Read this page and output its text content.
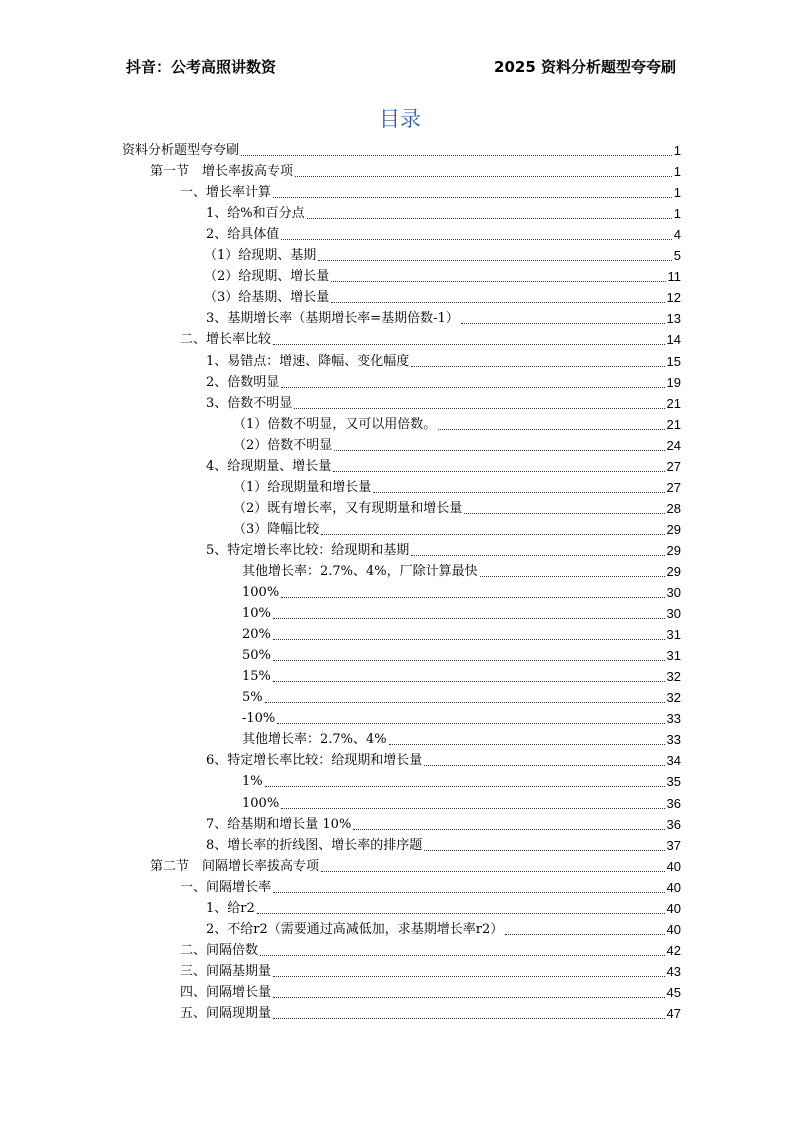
抖音：公考高照讲数资	2025 资料分析题型夸夸刷
目录
资料分析题型夸夸刷	1
第一节　增长率拔高专项	1
一、增长率计算	1
1、给%和百分点	1
2、给具体值	4
（1）给现期、基期	5
（2）给现期、增长量	11
（3）给基期、增长量	12
3、基期增长率（基期增长率=基期倍数-1）	13
二、增长率比较	14
1、易错点：增速、降幅、变化幅度	15
2、倍数明显	19
3、倍数不明显	21
（1）倍数不明显，又可以用倍数。	21
（2）倍数不明显	24
4、给现期量、增长量	27
（1）给现期量和增长量	27
（2）既有增长率，又有现期量和增长量	28
（3）降幅比较	29
5、特定增长率比较：给现期和基期	29
其他增长率：2.7%、4%，厂除计算最快	29
100%	30
10%	30
20%	31
50%	31
15%	32
5%	32
-10%	33
其他增长率：2.7%、4%	33
6、特定增长率比较：给现期和增长量	34
1%	35
100%	36
7、给基期和增长量 10%	36
8、增长率的折线图、增长率的排序题	37
第二节　间隔增长率拔高专项	40
一、间隔增长率	40
1、给r2	40
2、不给r2（需要通过高减低加，求基期增长率r2）	40
二、间隔倍数	42
三、间隔基期量	43
四、间隔增长量	45
五、间隔现期量	47
